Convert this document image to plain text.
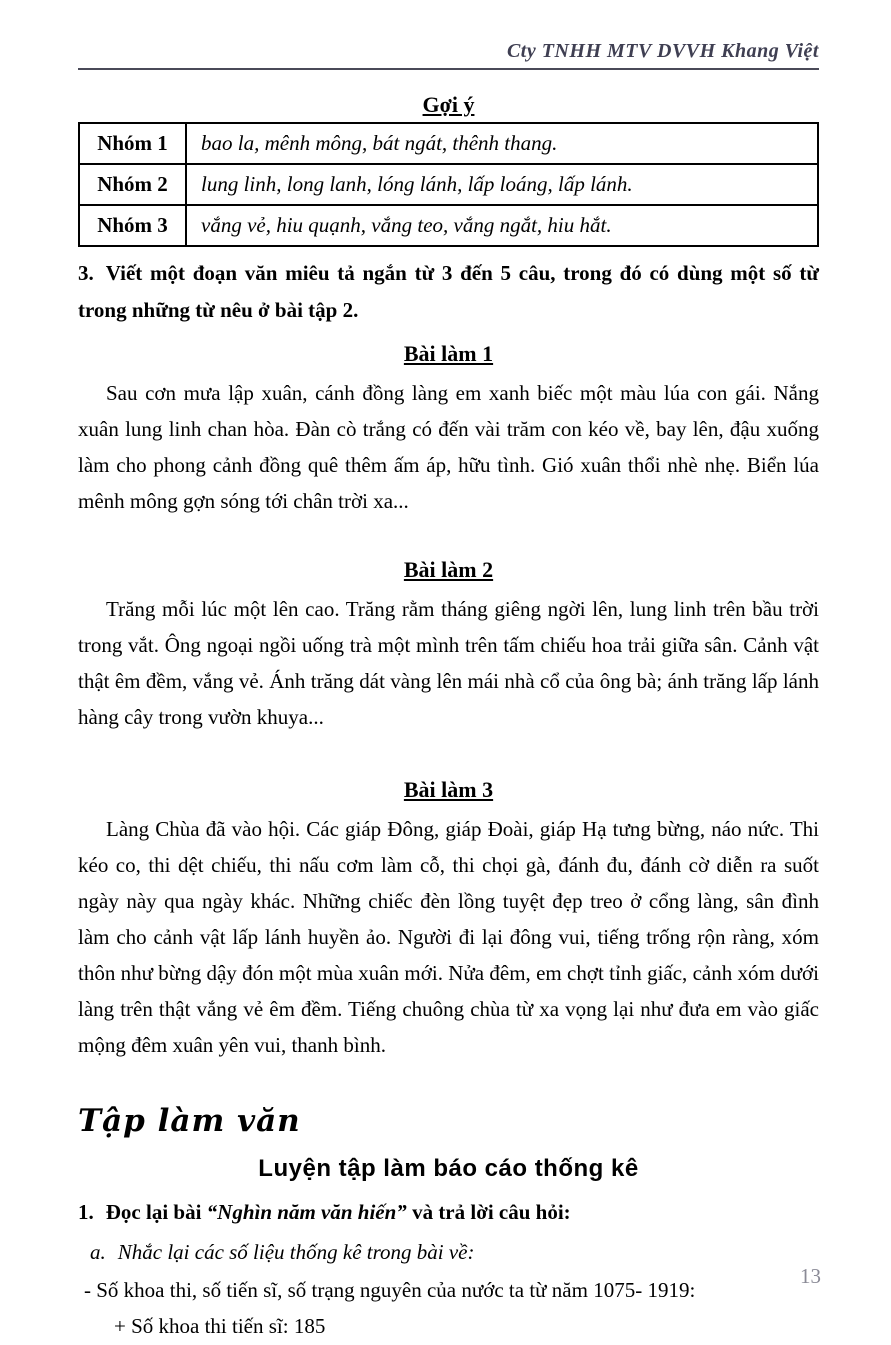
Cty TNHH MTV DVVH Khang Việt
Gợi ý
Nhóm 1	bao la, mênh mông, bát ngát, thênh thang.
Nhóm 2	lung linh, long lanh, lóng lánh, lấp loáng, lấp lánh.
Nhóm 3	vắng vẻ, hiu quạnh, vắng teo, vắng ngắt, hiu hắt.

3. Viết một đoạn văn miêu tả ngắn từ 3 đến 5 câu, trong đó có dùng một số từ trong những từ nêu ở bài tập 2.

Bài làm 1

Sau cơn mưa lập xuân, cánh đồng làng em xanh biếc một màu lúa con gái. Nắng xuân lung linh chan hòa. Đàn cò trắng có đến vài trăm con kéo về, bay lên, đậu xuống làm cho phong cảnh đồng quê thêm ấm áp, hữu tình. Gió xuân thổi nhè nhẹ. Biển lúa mênh mông gợn sóng tới chân trời xa...

Bài làm 2

Trăng mỗi lúc một lên cao. Trăng rằm tháng giêng ngời lên, lung linh trên bầu trời trong vắt. Ông ngoại ngồi uống trà một mình trên tấm chiếu hoa trải giữa sân. Cảnh vật thật êm đềm, vắng vẻ. Ánh trăng dát vàng lên mái nhà cổ của ông bà; ánh trăng lấp lánh hàng cây trong vườn khuya...

Bài làm 3

Làng Chùa đã vào hội. Các giáp Đông, giáp Đoài, giáp Hạ tưng bừng, náo nức. Thi kéo co, thi dệt chiếu, thi nấu cơm làm cỗ, thi chọi gà, đánh đu, đánh cờ diễn ra suốt ngày này qua ngày khác. Những chiếc đèn lồng tuyệt đẹp treo ở cổng làng, sân đình làm cho cảnh vật lấp lánh huyền ảo. Người đi lại đông vui, tiếng trống rộn ràng, xóm thôn như bừng dậy đón một mùa xuân mới. Nửa đêm, em chợt tỉnh giấc, cảnh xóm dưới làng trên thật vắng vẻ êm đềm. Tiếng chuông chùa từ xa vọng lại như đưa em vào giấc mộng đêm xuân yên vui, thanh bình.

Tập làm văn
Luyện tập làm báo cáo thống kê

1. Đọc lại bài “Nghìn năm văn hiến” và trả lời câu hỏi:

a. Nhắc lại các số liệu thống kê trong bài về:

- Số khoa thi, số tiến sĩ, số trạng nguyên của nước ta từ năm 1075- 1919:

+ Số khoa thi tiến sĩ: 185

13
